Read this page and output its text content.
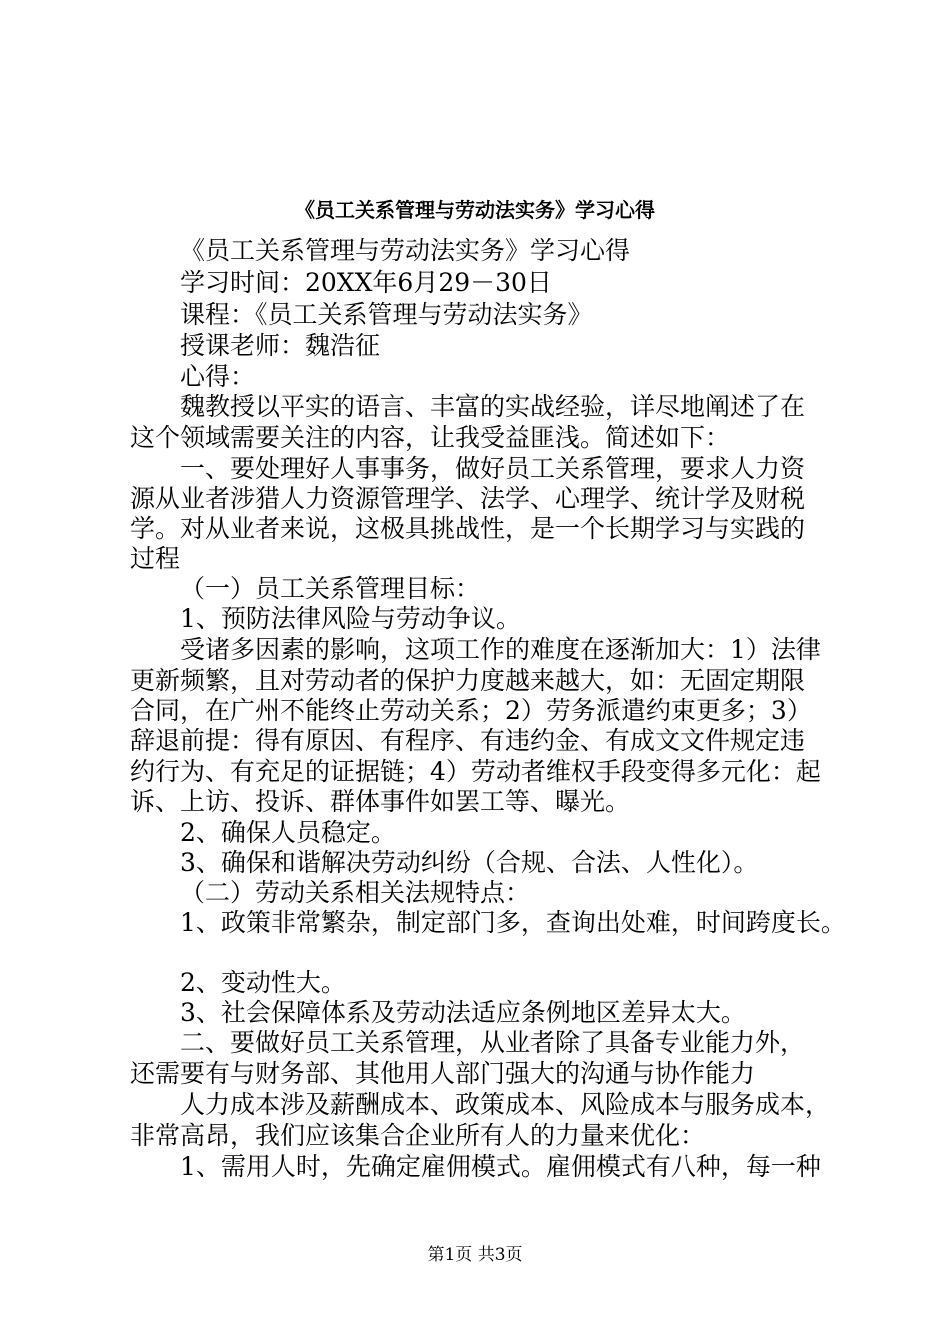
《员工关系管理与劳动法实务》学习心得
《员工关系管理与劳动法实务》学习心得
学习时间：20XX年6月29－30日
课程：《员工关系管理与劳动法实务》
授课老师：魏浩征
心得：
魏教授以平实的语言、丰富的实战经验，详尽地阐述了在
这个领域需要关注的内容，让我受益匪浅。简述如下：
一、要处理好人事事务，做好员工关系管理，要求人力资
源从业者涉猎人力资源管理学、法学、心理学、统计学及财税
学。对从业者来说，这极具挑战性，是一个长期学习与实践的
过程
（一）员工关系管理目标：
1、预防法律风险与劳动争议。
受诸多因素的影响，这项工作的难度在逐渐加大：1）法律
更新频繁，且对劳动者的保护力度越来越大，如：无固定期限
合同，在广州不能终止劳动关系；2）劳务派遣约束更多；3）
辞退前提：得有原因、有程序、有违约金、有成文文件规定违
约行为、有充足的证据链；4）劳动者维权手段变得多元化：起
诉、上访、投诉、群体事件如罢工等、曝光。
2、确保人员稳定。
3、确保和谐解决劳动纠纷（合规、合法、人性化）。
（二）劳动关系相关法规特点：
1、政策非常繁杂，制定部门多，查询出处难，时间跨度长。
2、变动性大。
3、社会保障体系及劳动法适应条例地区差异太大。
二、要做好员工关系管理，从业者除了具备专业能力外，
还需要有与财务部、其他用人部门强大的沟通与协作能力
人力成本涉及薪酬成本、政策成本、风险成本与服务成本，
非常高昂，我们应该集合企业所有人的力量来优化：
1、需用人时，先确定雇佣模式。雇佣模式有八种，每一种
第1页 共3页
